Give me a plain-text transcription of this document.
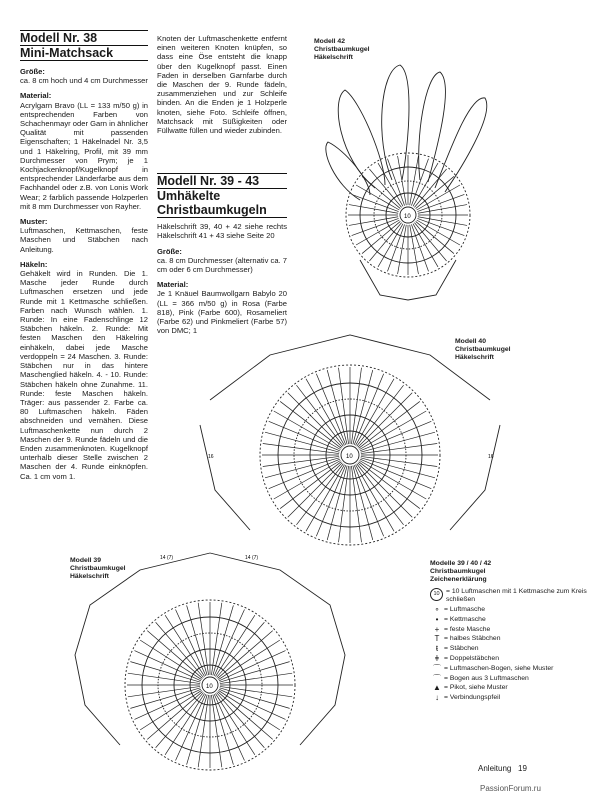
Modell Nr. 38

Mini-Matchsack

Größe:

ca. 8 cm hoch und 4 cm Durchmesser

Material:

Acrylgarn Bravo (LL = 133 m/50 g) in entsprechenden Farben von Schachenmayr oder Garn in ähnlicher Qualität mit passenden Eigenschaften; 1 Häkelnadel Nr. 3,5 und 1 Häkelring, Profil, mit 39 mm Durchmesser von Prym; je 1 Kochjackenknopf/Kugelknopf in entsprechender Länderfarbe aus dem Fachhandel oder z.B. von Lonis Work Wear; 2 farblich passende Holzperlen mit 8 mm Durchmesser von Rayher.

Muster:

Luftmaschen, Kettmaschen, feste Maschen und Stäbchen nach Anleitung.

Häkeln:

Gehäkelt wird in Runden. Die 1. Masche jeder Runde durch Luftmaschen ersetzen und jede Runde mit 1 Kettmasche schließen. Farben nach Wunsch wählen. 1. Runde: In eine Fadenschlinge 12 Stäbchen häkeln. 2. Runde: Mit festen Maschen den Häkelring einhäkeln, dabei jede Masche verdoppeln = 24 Maschen. 3. Runde: Stäbchen nur in das hintere Maschenglied häkeln. 4. - 10. Runde: Stäbchen häkeln ohne Zunahme. 11. Runde: feste Maschen häkeln. Träger: aus passender 2. Farbe ca. 80 Luftmaschen häkeln. Fäden abschneiden und vernähen. Diese Luftmaschenkette nun durch 2 Maschen der 9. Runde fädeln und die Enden zusammenknoten. Kugelknopf unterhalb dieser Stelle zwischen 2 Maschen der 4. Runde einknöpfen. Ca. 1 cm vom 1.

Knoten der Luftmaschenkette entfernt einen weiteren Knoten knüpfen, so dass eine Öse entsteht die knapp über den Kugelknopf passt. Einen Faden in derselben Garnfarbe durch die Maschen der 9. Runde fädeln, zusammenziehen und zur Schleife binden. An die Enden je 1 Holzperle knoten, siehe Foto. Schleife öffnen, Matchsack mit Süßigkeiten oder Füllwatte füllen und wieder zubinden.

Modell Nr. 39 - 43

Umhäkelte Christbaumkugeln

Häkelschrift 39, 40 + 42 siehe rechts Häkelschrift 41 + 43 siehe Seite 20

Größe:

ca. 8 cm Durchmesser (alternativ ca. 7 cm oder 6 cm Durchmesser)

Material:

Je 1 Knäuel Baumwollgarn Babylo 20 (LL = 366 m/50 g) in Rosa (Farbe 818), Pink (Farbe 600), Rosameliert (Farbe 62) und Pinkmeliert (Farbe 57) von DMC; 1

Modell 42
Christbaumkugel
Häkelschrift
Modell 40
Christbaumkugel
Häkelschrift
Modell 39
Christbaumkugel
Häkelschrift
10
10
16	16
10
14 (7)
14 (7)
Modelle 39 / 40 / 42
Christbaumkugel
Zeichenerklärung
10 = 10 Luftmaschen mit 1 Kettmasche zum Kreis schließen
∘ = Luftmasche
• = Kettmasche
+ = feste Masche
T = halbes Stäbchen
ŧ = Stäbchen
ǂ = Doppelstäbchen
⌒ = Luftmaschen-Bogen, siehe Muster
⌒ = Bogen aus 3 Luftmaschen
▲ = Pikot, siehe Muster
↓ = Verbindungspfeil
Anleitung 19
PassionForum.ru
